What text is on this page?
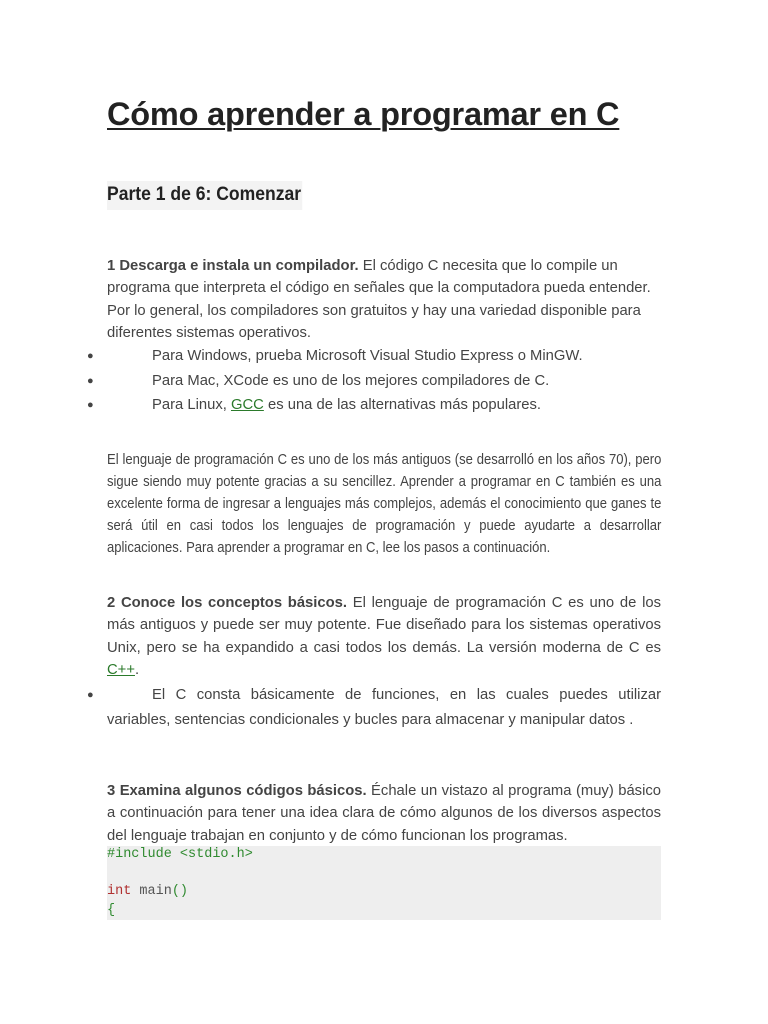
Cómo aprender a programar en C
Parte 1 de 6: Comenzar

1 Descarga e instala un compilador. El código C necesita que lo compile un programa que interpreta el código en señales que la computadora pueda entender. Por lo general, los compiladores son gratuitos y hay una variedad disponible para diferentes sistemas operativos.

●	Para Windows, prueba Microsoft Visual Studio Express o MinGW.
●	Para Mac, XCode es uno de los mejores compiladores de C.
●	Para Linux, GCC es una de las alternativas más populares.

El lenguaje de programación C es uno de los más antiguos (se desarrolló en los años 70), pero sigue siendo muy potente gracias a su sencillez. Aprender a programar en C también es una excelente forma de ingresar a lenguajes más complejos, además el conocimiento que ganes te será útil en casi todos los lenguajes de programación y puede ayudarte a desarrollar aplicaciones. Para aprender a programar en C, lee los pasos a continuación.

2 Conoce los conceptos básicos. El lenguaje de programación C es uno de los más antiguos y puede ser muy potente. Fue diseñado para los sistemas operativos Unix, pero se ha expandido a casi todos los demás. La versión moderna de C es C++.

●	El C consta básicamente de funciones, en las cuales puedes utilizar variables, sentencias condicionales y bucles para almacenar y manipular datos .

3 Examina algunos códigos básicos. Échale un vistazo al programa (muy) básico a continuación para tener una idea clara de cómo algunos de los diversos aspectos del lenguaje trabajan en conjunto y de cómo funcionan los programas.

#include <stdio.h>

int main()
{
